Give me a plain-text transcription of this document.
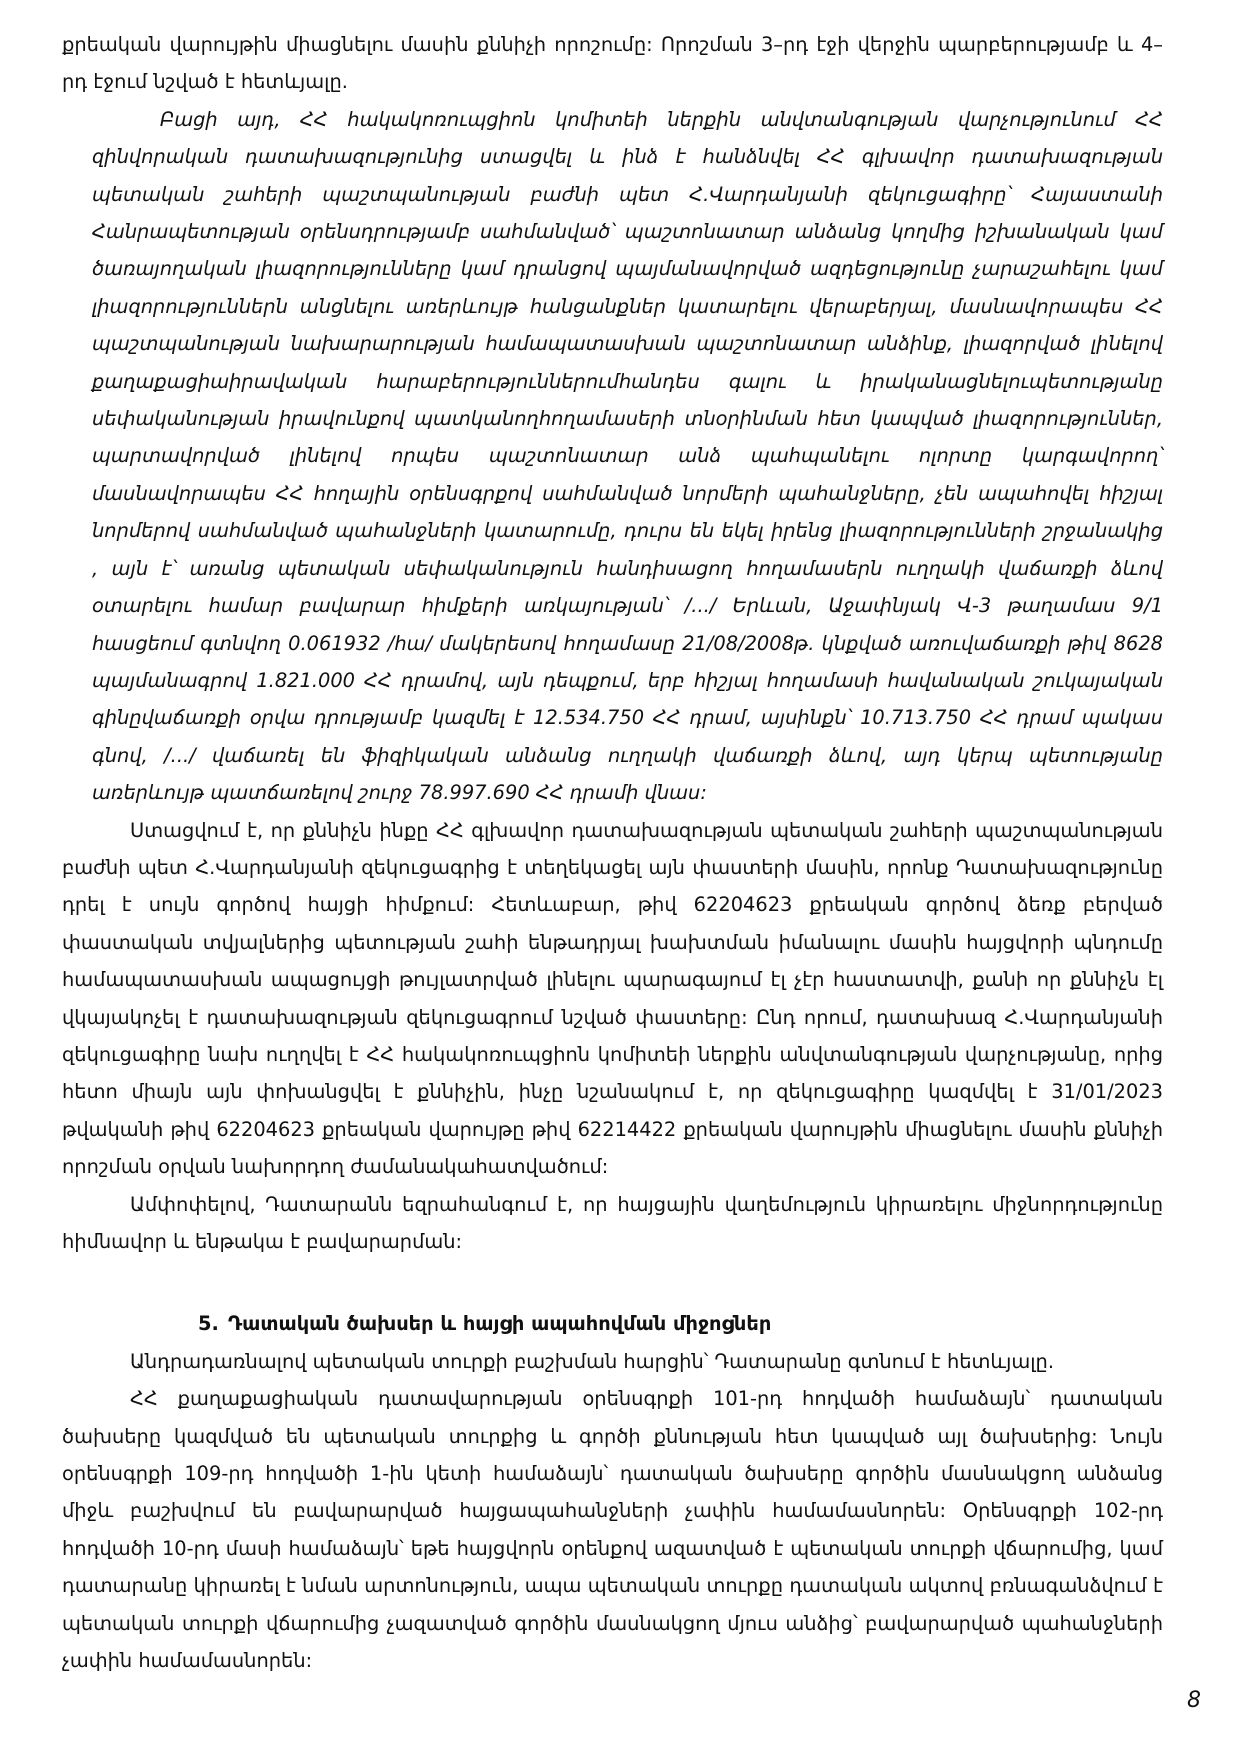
քրեական վարույթին միացնելու մասին քննիչի որոշումը: Որոշման 3–րդ էջի վերջին պարբերությամբ և 4–րդ էջում նշված է հետևյալը.

Բացի այդ, ՀՀ հակակոռուպցիոն կոմիտեի ներքին անվտանգության վարչությունում ՀՀ զինվորական դատախազությունից ստացվել և ինձ է հանձնվել ՀՀ գլխավոր դատախազության պետական շահերի պաշտպանության բաժնի պետ Հ.Վարդանյանի զեկուցագիրը՝ Հայաստանի Հանրապետության օրենսդրությամբ սահմանված՝ պաշտոնատար անձանց կողմից իշխանական կամ ծառայողական լիազորությունները կամ դրանցով պայմանավորված ազդեցությունը չարաշահելու կամ լիազորություններն անցնելու առերևույթ հանցանքներ կատարելու վերաբերյալ, մասնավորապես ՀՀ պաշտպանության նախարարության համապատասխան պաշտոնատար անձինք, լիազորված լինելով քաղաքացիաիրավական հարաբերություններումհանդես գալու և իրականացնելուպետությանը սեփականության իրավունքով պատկանողհողամասերի տնօրինման հետ կապված լիազորություններ, պարտավորված լինելով որպես պաշտոնատար անձ պահպանելու ոլորտը կարգավորող՝ մասնավորապես ՀՀ հողային օրենսգրքով սահմանված նորմերի պահանջները, չեն ապահովել հիշյալ նորմերով սահմանված պահանջների կատարումը, դուրս են եկել իրենց լիազորությունների շրջանակից , այն է՝ առանց պետական սեփականություն հանդիսացող հողամասերն ուղղակի վաճառքի ձևով օտարելու համար բավարար հիմքերի առկայության՝ /.../ Երևան, Աջափնյակ Վ-3 թաղամաս 9/1 հասցեում գտնվող 0.061932 /հա/ մակերեսով հողամասը 21/08/2008թ. կնքված առուվաճառքի թիվ 8628 պայմանագրով 1.821.000 ՀՀ դրամով, այն դեպքում, երբ հիշյալ հողամասի հավանական շուկայական գինըվաճառքի օրվա դրությամբ կազմել է 12.534.750 ՀՀ դրամ, այսինքն՝ 10.713.750 ՀՀ դրամ պակաս գնով, /.../ վաճառել են ֆիզիկական անձանց ուղղակի վաճառքի ձևով, այդ կերպ պետությանը առերևույթ պատճառելով շուրջ 78.997.690 ՀՀ դրամի վնաս:

Ստացվում է, որ քննիչն ինքը ՀՀ գլխավոր դատախազության պետական շահերի պաշտպանության բաժնի պետ Հ.Վարդանյանի զեկուցագրից է տեղեկացել այն փաստերի մասին, որոնք Դատախազությունը դրել է սույն գործով հայցի հիմքում: Հետևաբար, թիվ 62204623 քրեական գործով ձեռք բերված փաստական տվյալներից պետության շահի ենթադրյալ խախտման իմանալու մասին հայցվորի պնդումը համապատասխան ապացույցի թույլատրված լինելու պարագայում էլ չէր հաստատվի, քանի որ քննիչն էլ վկայակոչել է դատախազության զեկուցագրում նշված փաստերը: Ընդ որում, դատախազ Հ.Վարդանյանի զեկուցագիրը նախ ուղղվել է ՀՀ հակակոռուպցիոն կոմիտեի ներքին անվտանգության վարչությանը, որից հետո միայն այն փոխանցվել է քննիչին, ինչը նշանակում է, որ զեկուցագիրը կազմվել է 31/01/2023 թվականի թիվ 62204623 քրեական վարույթը թիվ 62214422 քրեական վարույթին միացնելու մասին քննիչի որոշման օրվան նախորդող ժամանակահատվածում:

Ամփոփելով, Դատարանն եզրահանգում է, որ հայցային վաղեմություն կիրառելու միջնորդությունը հիմնավոր և ենթակա է բավարարման:

5. Դատական ծախսեր և հայցի ապահովման միջոցներ

Անդրադառնալով պետական տուրքի բաշխման հարցին՝ Դատարանը գտնում է հետևյալը.

ՀՀ քաղաքացիական դատավարության օրենսգրքի 101-րդ հոդվածի համաձայն՝ դատական ծախսերը կազմված են պետական տուրքից և գործի քննության հետ կապված այլ ծախսերից: Նույն օրենսգրքի 109-րդ հոդվածի 1-ին կետի համաձայն՝ դատական ծախսերը գործին մասնակցող անձանց միջև բաշխվում են բավարարված հայցապահանջների չափին համամասնորեն: Օրենսգրքի 102-րդ հոդվածի 10-րդ մասի համաձայն՝ եթե հայցվորն օրենքով ազատված է պետական տուրքի վճարումից, կամ դատարանը կիրառել է նման արտոնություն, ապա պետական տուրքը դատական ակտով բռնագանձվում է պետական տուրքի վճարումից չազատված գործին մասնակցող մյուս անձից՝ բավարարված պահանջների չափին համամասնորեն:

8
